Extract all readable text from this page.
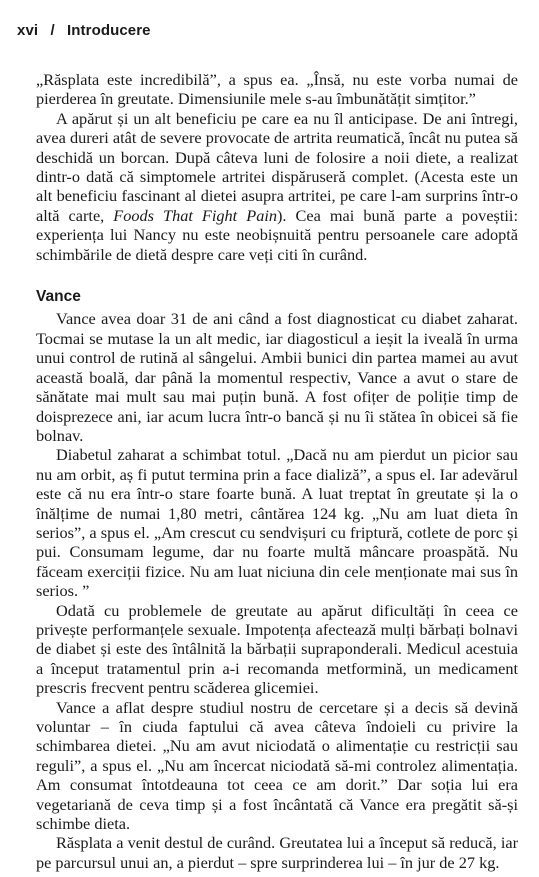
xvi / Introducere

„Răsplata este incredibilă”, a spus ea. „Însă, nu este vorba numai de pierderea în greutate. Dimensiunile mele s-au îmbunătățit simțitor.”

A apărut și un alt beneficiu pe care ea nu îl anticipase. De ani întregi, avea dureri atât de severe provocate de artrita reumatică, încât nu putea să deschidă un borcan. După câteva luni de folosire a noii diete, a realizat dintr-o dată că simptomele artritei dispăruseră complet. (Acesta este un alt beneficiu fascinant al dietei asupra artritei, pe care l-am surprins într-o altă carte, Foods That Fight Pain). Cea mai bună parte a poveștii: experiența lui Nancy nu este neobișnuită pentru persoanele care adoptă schimbările de dietă despre care veți citi în curând.

Vance

Vance avea doar 31 de ani când a fost diagnosticat cu diabet zaharat. Tocmai se mutase la un alt medic, iar diagosticul a ieșit la iveală în urma unui control de rutină al sângelui. Ambii bunici din partea mamei au avut această boală, dar până la momentul respectiv, Vance a avut o stare de sănătate mai mult sau mai puțin bună. A fost ofițer de poliție timp de doisprezece ani, iar acum lucra într-o bancă și nu îi stătea în obicei să fie bolnav.

Diabetul zaharat a schimbat totul. „Dacă nu am pierdut un picior sau nu am orbit, aș fi putut termina prin a face dializă”, a spus el. Iar adevărul este că nu era într-o stare foarte bună. A luat treptat în greutate și la o înălțime de numai 1,80 metri, cântărea 124 kg. „Nu am luat dieta în serios”, a spus el. „Am crescut cu sendvișuri cu friptură, cotlete de porc și pui. Consumam legume, dar nu foarte multă mâncare proaspătă. Nu făceam exerciții fizice. Nu am luat niciuna din cele menționate mai sus în serios. ”

Odată cu problemele de greutate au apărut dificultăți în ceea ce privește performanțele sexuale. Impotența afectează mulți bărbați bolnavi de diabet și este des întâlnită la bărbații supraponderali. Medicul acestuia a început tratamentul prin a-i recomanda metformină, un medicament prescris frecvent pentru scăderea glicemiei.

Vance a aflat despre studiul nostru de cercetare și a decis să devină voluntar – în ciuda faptului că avea câteva îndoieli cu privire la schimbarea dietei. „Nu am avut niciodată o alimentație cu restricții sau reguli”, a spus el. „Nu am încercat niciodată să-mi controlez alimentația. Am consumat întotdeauna tot ceea ce am dorit.” Dar soția lui era vegetariană de ceva timp și a fost încântată că Vance era pregătit să-și schimbe dieta.

Răsplata a venit destul de curând. Greutatea lui a început să reducă, iar pe parcursul unui an, a pierdut – spre surprinderea lui – în jur de 27 kg.
